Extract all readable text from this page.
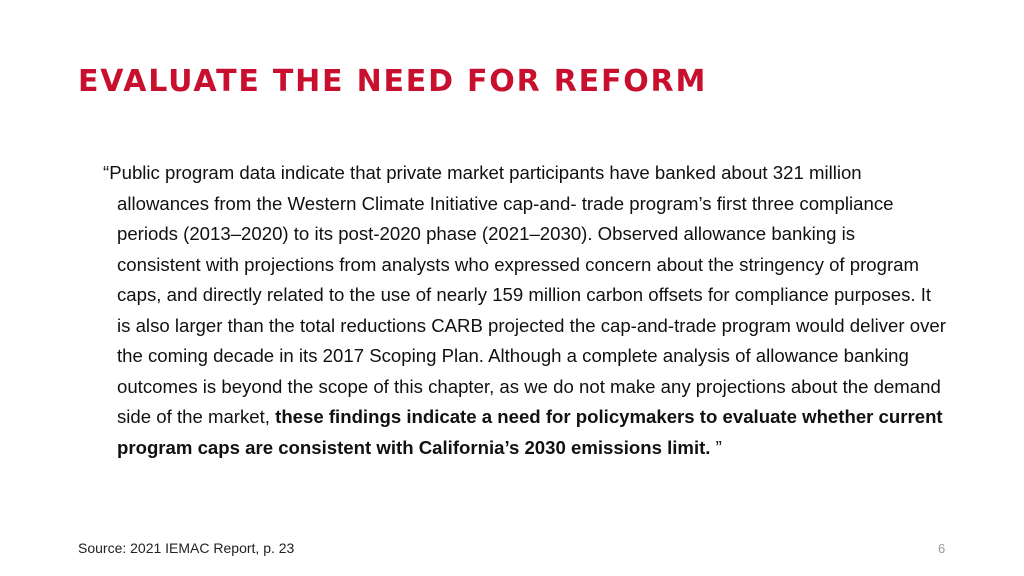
EVALUATE THE NEED FOR REFORM
“Public program data indicate that private market participants have banked about 321 million
allowances from the Western Climate Initiative cap-and- trade program’s first three compliance
periods (2013–2020) to its post-2020 phase (2021–2030). Observed allowance banking is
consistent with projections from analysts who expressed concern about the stringency of program
caps, and directly related to the use of nearly 159 million carbon offsets for compliance purposes. It
is also larger than the total reductions CARB projected the cap-and-trade program would deliver over
the coming decade in its 2017 Scoping Plan. Although a complete analysis of allowance banking
outcomes is beyond the scope of this chapter, as we do not make any projections about the demand
side of the market, these findings indicate a need for policymakers to evaluate whether current
program caps are consistent with California’s 2030 emissions limit. ”
Source: 2021 IEMAC Report, p. 23	6
